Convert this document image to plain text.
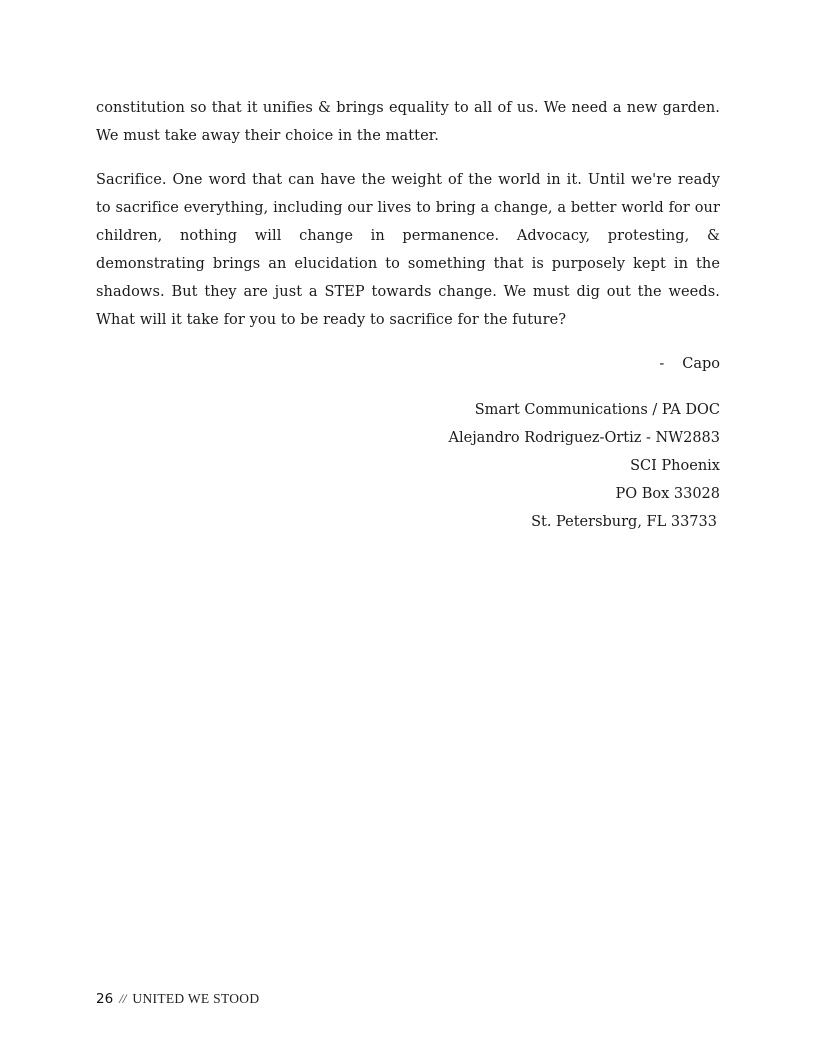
constitution so that it unifies & brings equality to all of us. We need a new garden. We must take away their choice in the matter.

Sacrifice. One word that can have the weight of the world in it. Until we're ready to sacrifice everything, including our lives to bring a change, a better world for our children, nothing will change in permanence. Advocacy, protesting, & demonstrating brings an elucidation to something that is purposely kept in the shadows. But they are just a STEP towards change. We must dig out the weeds. What will it take for you to be ready to sacrifice for the future?

- Capo

Smart Communications / PA DOC
Alejandro Rodriguez-Ortiz - NW2883
SCI Phoenix
PO Box 33028
St. Petersburg, FL 33733
26 // UNITED WE STOOD
